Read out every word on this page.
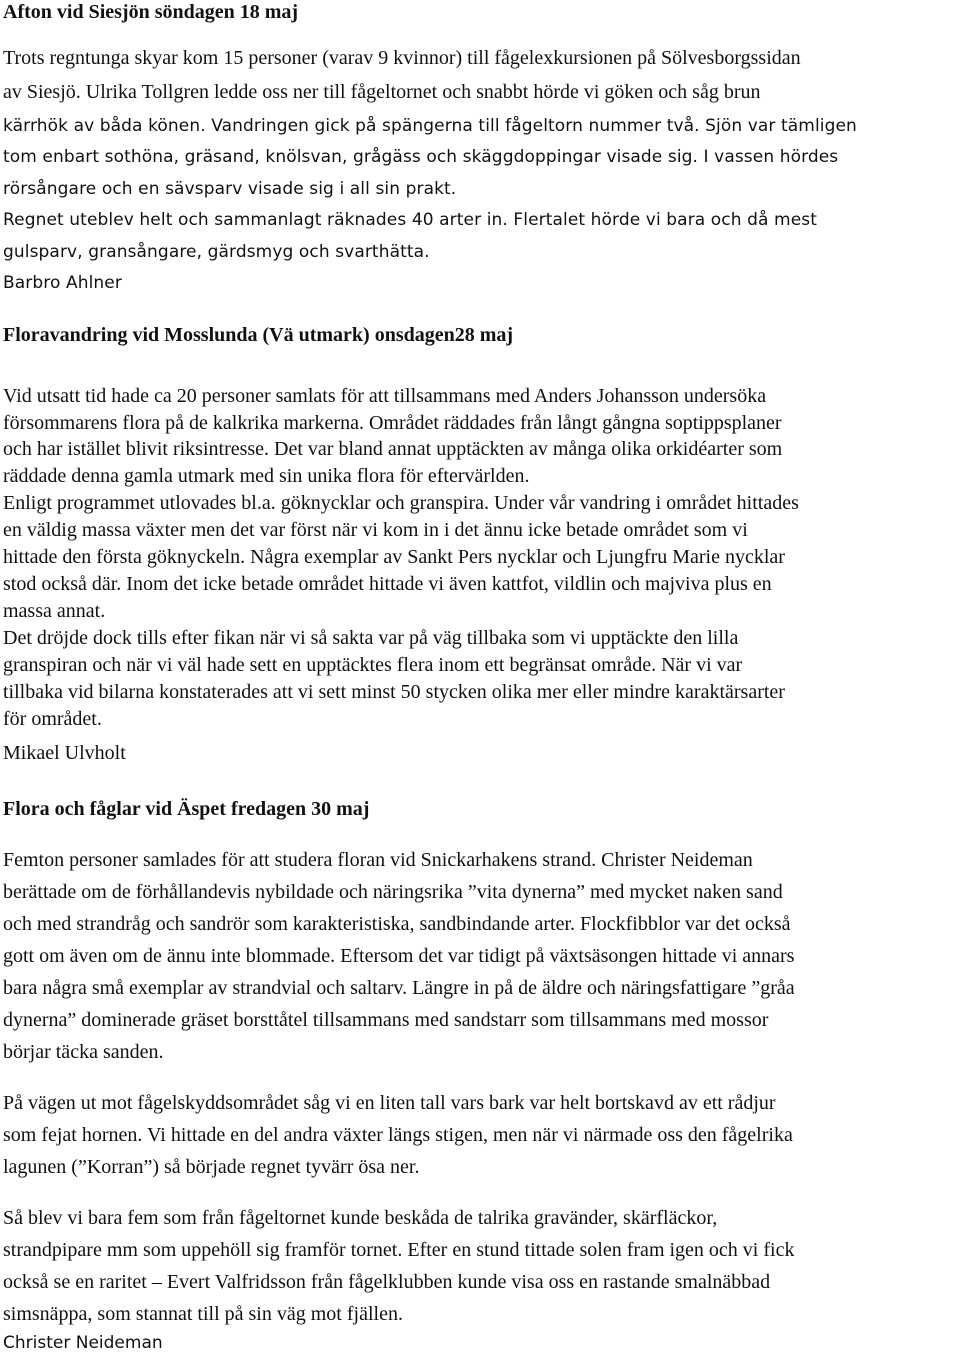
Afton vid Siesjön söndagen 18 maj
Trots regntunga skyar kom 15 personer (varav 9 kvinnor) till fågelexkursionen på Sölvesborgssidan
av Siesjö. Ulrika Tollgren ledde oss ner till fågeltornet och snabbt hörde vi göken och såg brun
kärrhök av båda könen. Vandringen gick på spängerna till fågeltorn nummer två. Sjön var tämligen
tom enbart sothöna, gräsand, knölsvan, grågäss och skäggdoppingar visade sig. I vassen hördes
rörsångare och en sävsparv visade sig i all sin prakt.
Regnet uteblev helt och sammanlagt räknades 40 arter in. Flertalet hörde vi bara och då mest
gulsparv, gransångare, gärdsmyg och svarthätta.
Barbro Ahlner
Floravandring vid Mosslunda (Vä utmark) onsdagen28 maj
Vid utsatt tid hade ca 20 personer samlats för att tillsammans med Anders Johansson undersöka
försommarens flora på de kalkrika markerna. Området räddades från långt gångna soptippsplaner
och har istället blivit riksintresse. Det var bland annat upptäckten av många olika orkidéarter som
räddade denna gamla utmark med sin unika flora för eftervärlden.
Enligt programmet utlovades bl.a. göknycklar och granspira. Under vår vandring i området hittades
en väldig massa växter men det var först när vi kom in i det ännu icke betade området som vi
hittade den första göknyckeln. Några exemplar av Sankt Pers nycklar och Ljungfru Marie nycklar
stod också där. Inom det icke betade området hittade vi även kattfot, vildlin och majviva plus en
massa annat.
Det dröjde dock tills efter fikan när vi så sakta var på väg tillbaka som vi upptäckte den lilla
granspiran och när vi väl hade sett en upptäcktes flera inom ett begränsat område. När vi var
tillbaka vid bilarna konstaterades att vi sett minst 50 stycken olika mer eller mindre karaktärsarter
för området.
Mikael Ulvholt
Flora och fåglar vid Äspet fredagen 30 maj
Femton personer samlades för att studera floran vid Snickarhakens strand. Christer Neideman
berättade om de förhållandevis nybildade och näringsrika ”vita dynerna” med mycket naken sand
och med strandråg och sandrör som karakteristiska, sandbindande arter. Flockfibblor var det också
gott om även om de ännu inte blommade. Eftersom det var tidigt på växtsäsongen hittade vi annars
bara några små exemplar av strandvial och saltarv. Längre in på de äldre och näringsfattigare ”gråa
dynerna” dominerade gräset borsttåtel tillsammans med sandstarr som tillsammans med mossor
börjar täcka sanden.
På vägen ut mot fågelskyddsområdet såg vi en liten tall vars bark var helt bortskavd av ett rådjur
som fejat hornen. Vi hittade en del andra växter längs stigen, men när vi närmade oss den fågelrika
lagunen (”Korran”) så började regnet tyvärr ösa ner.
Så blev vi bara fem som från fågeltornet kunde beskåda de talrika gravänder, skärfläckor,
strandpipare mm som uppehöll sig framför tornet. Efter en stund tittade solen fram igen och vi fick
också se en raritet – Evert Valfridsson från fågelklubben kunde visa oss en rastande smalnäbbad
simsnäppa, som stannat till på sin väg mot fjällen.
Christer Neideman
